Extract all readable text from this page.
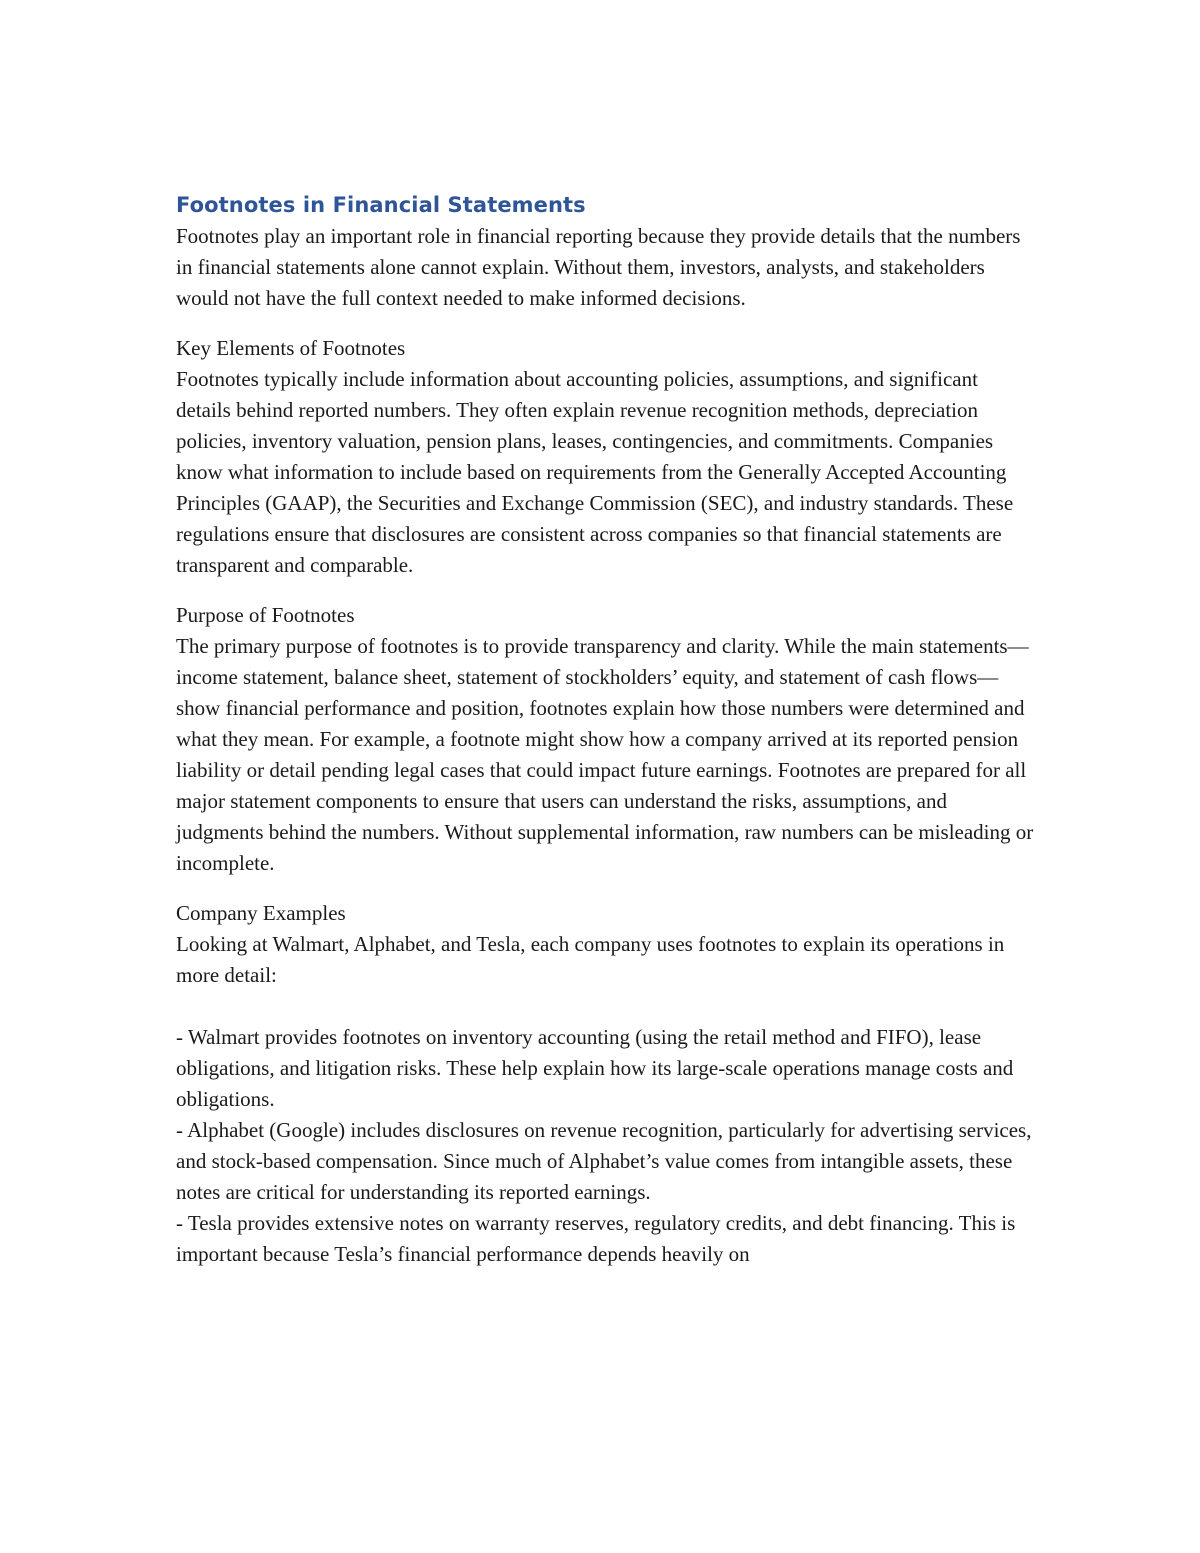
Footnotes in Financial Statements

Footnotes play an important role in financial reporting because they provide details that the numbers in financial statements alone cannot explain. Without them, investors, analysts, and stakeholders would not have the full context needed to make informed decisions.

Key Elements of Footnotes

Footnotes typically include information about accounting policies, assumptions, and significant details behind reported numbers. They often explain revenue recognition methods, depreciation policies, inventory valuation, pension plans, leases, contingencies, and commitments. Companies know what information to include based on requirements from the Generally Accepted Accounting Principles (GAAP), the Securities and Exchange Commission (SEC), and industry standards. These regulations ensure that disclosures are consistent across companies so that financial statements are transparent and comparable.

Purpose of Footnotes

The primary purpose of footnotes is to provide transparency and clarity. While the main statements—income statement, balance sheet, statement of stockholders’ equity, and statement of cash flows—show financial performance and position, footnotes explain how those numbers were determined and what they mean. For example, a footnote might show how a company arrived at its reported pension liability or detail pending legal cases that could impact future earnings. Footnotes are prepared for all major statement components to ensure that users can understand the risks, assumptions, and judgments behind the numbers. Without supplemental information, raw numbers can be misleading or incomplete.

Company Examples

Looking at Walmart, Alphabet, and Tesla, each company uses footnotes to explain its operations in more detail:

- Walmart provides footnotes on inventory accounting (using the retail method and FIFO), lease obligations, and litigation risks. These help explain how its large-scale operations manage costs and obligations.
- Alphabet (Google) includes disclosures on revenue recognition, particularly for advertising services, and stock-based compensation. Since much of Alphabet’s value comes from intangible assets, these notes are critical for understanding its reported earnings.
- Tesla provides extensive notes on warranty reserves, regulatory credits, and debt financing. This is important because Tesla’s financial performance depends heavily on
